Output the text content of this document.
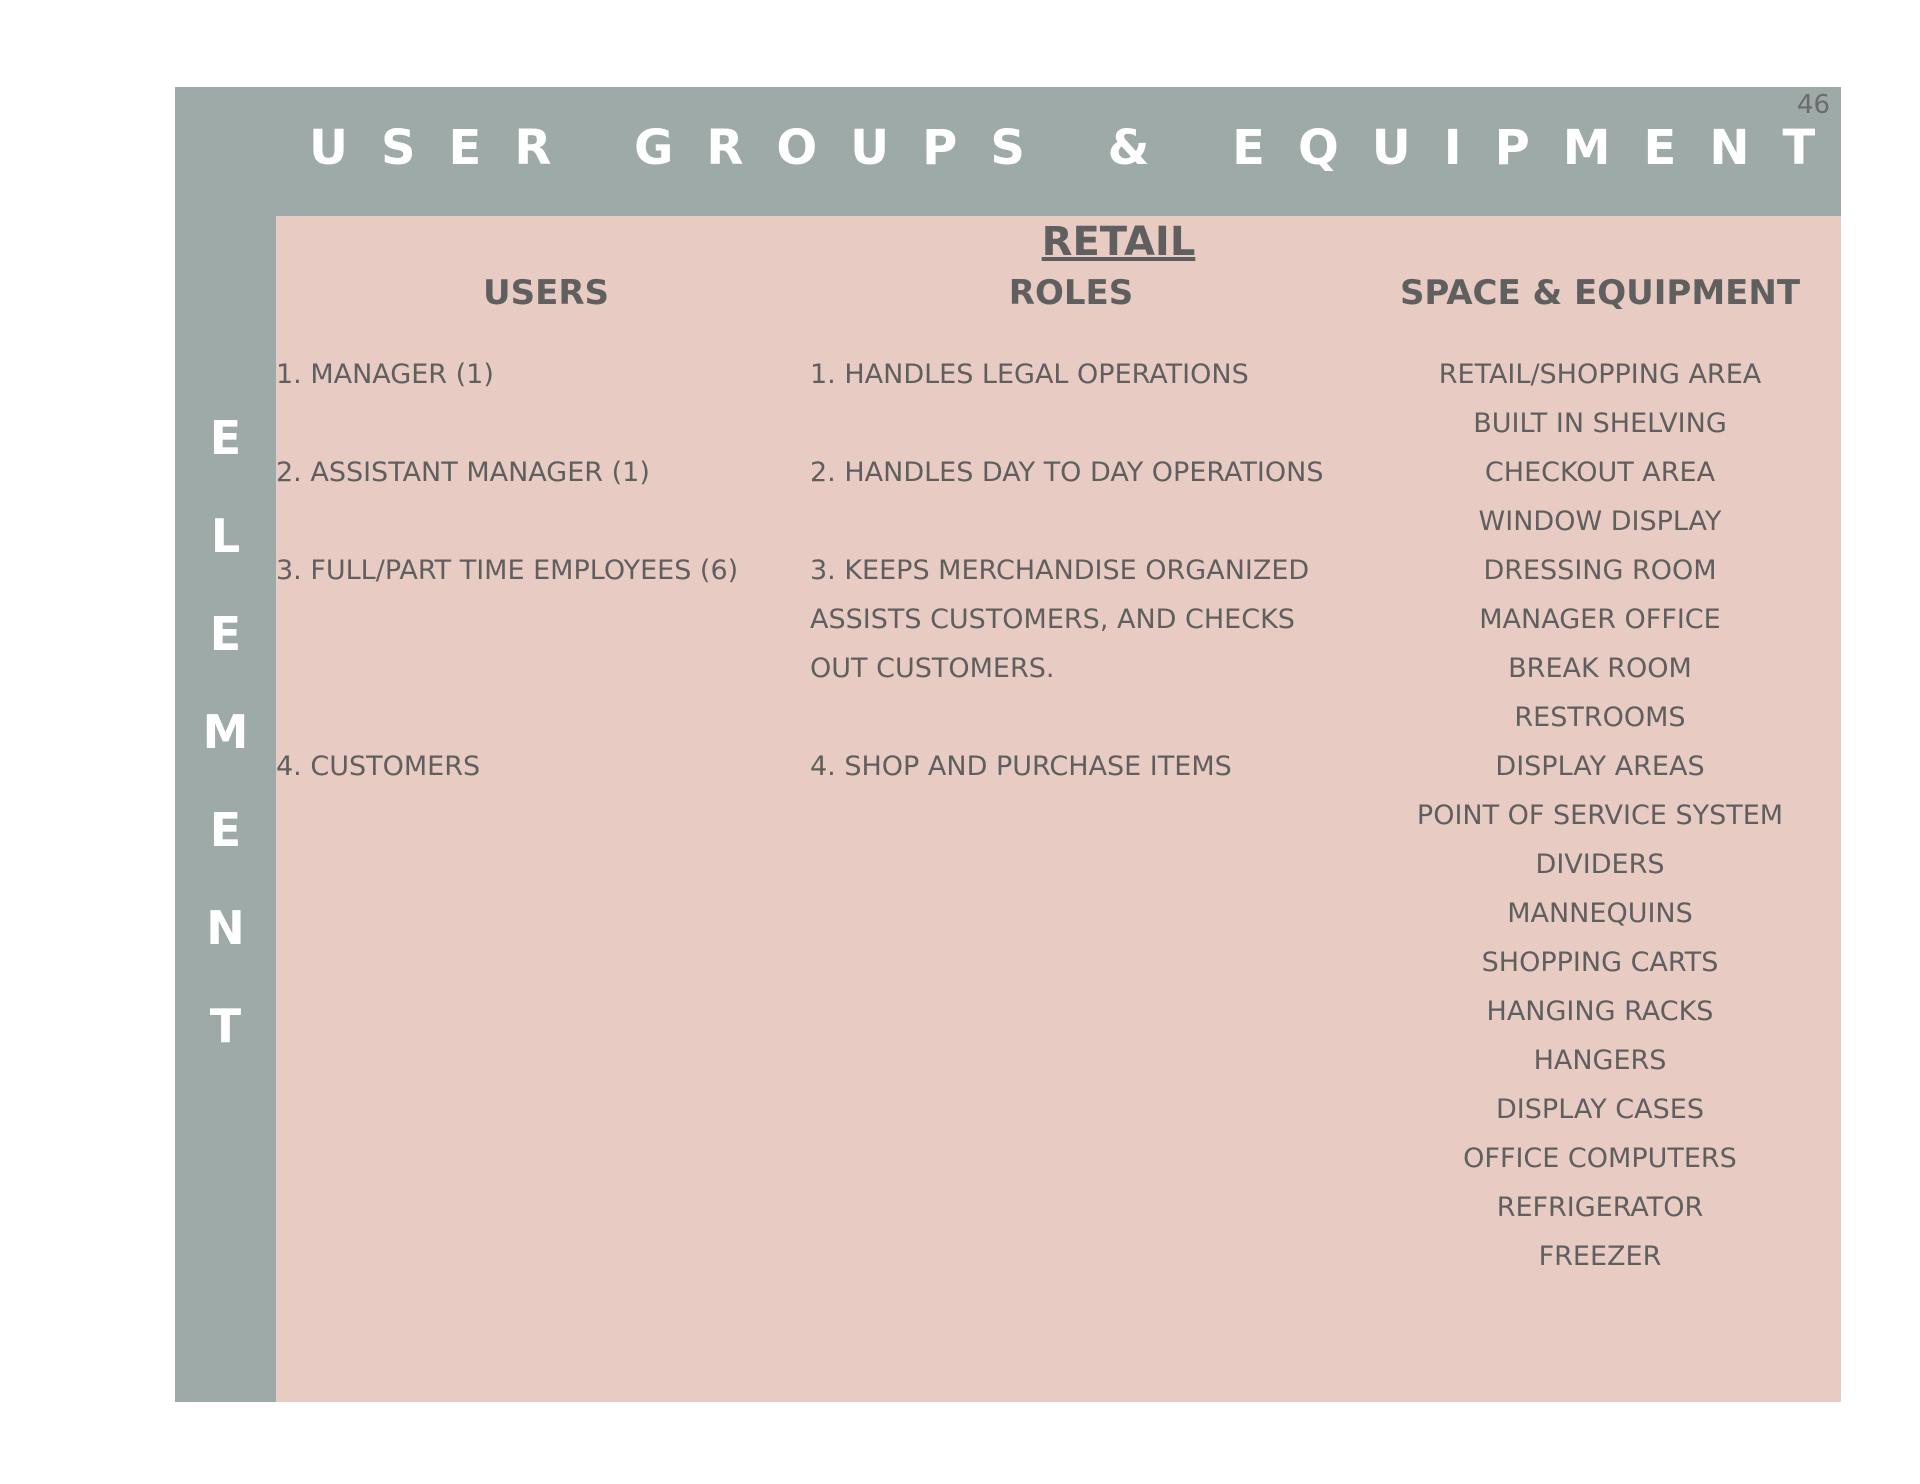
E
L
E
M
E
N
T
USER GROUPS & EQUIPMENT
46
RETAIL
USERS	ROLES	SPACE & EQUIPMENT
1. MANAGER (1)
2. ASSISTANT MANAGER (1)
3. FULL/PART TIME EMPLOYEES (6)
4. CUSTOMERS
1. HANDLES LEGAL OPERATIONS
2. HANDLES DAY TO DAY OPERATIONS
3. KEEPS MERCHANDISE ORGANIZED
ASSISTS CUSTOMERS, AND CHECKS
OUT CUSTOMERS.
4. SHOP AND PURCHASE ITEMS
RETAIL/SHOPPING AREA
BUILT IN SHELVING
CHECKOUT AREA
WINDOW DISPLAY
DRESSING ROOM
MANAGER OFFICE
BREAK ROOM
RESTROOMS
DISPLAY AREAS
POINT OF SERVICE SYSTEM
DIVIDERS
MANNEQUINS
SHOPPING CARTS
HANGING RACKS
HANGERS
DISPLAY CASES
OFFICE COMPUTERS
REFRIGERATOR
FREEZER
